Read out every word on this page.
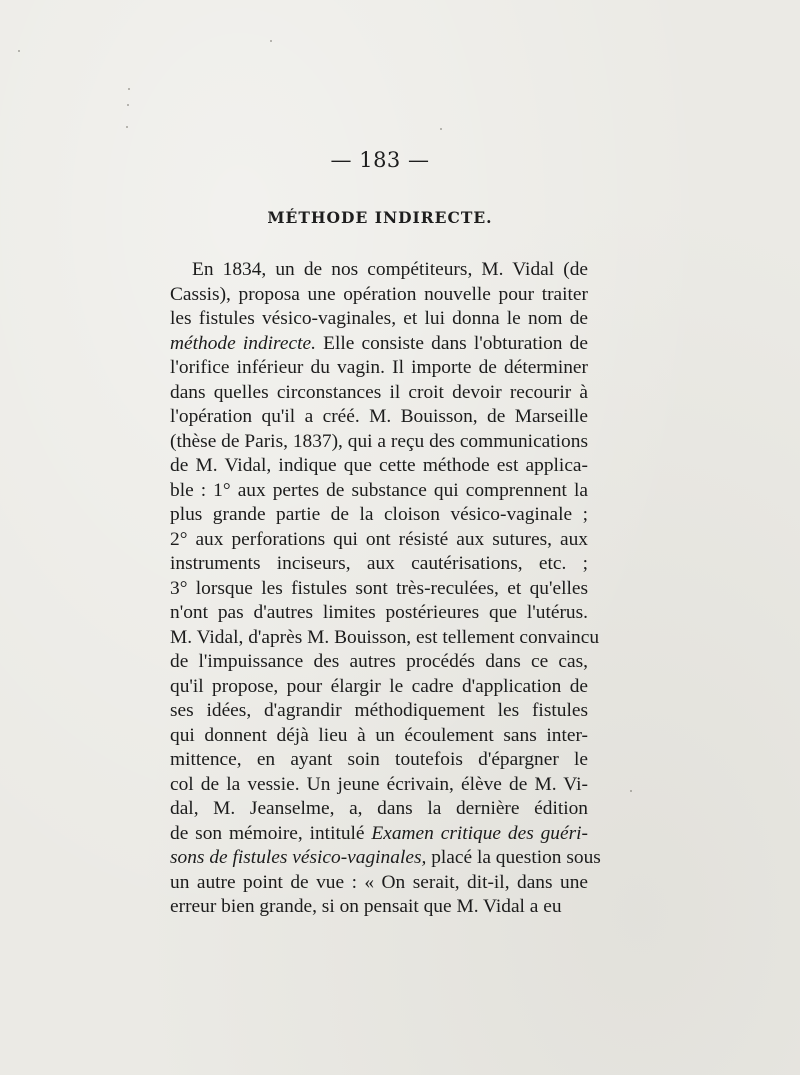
— 183 —
MÉTHODE INDIRECTE.
En 1834, un de nos compétiteurs, M. Vidal (de
Cassis), proposa une opération nouvelle pour traiter
les fistules vésico-vaginales, et lui donna le nom de
méthode indirecte. Elle consiste dans l'obturation de
l'orifice inférieur du vagin. Il importe de déterminer
dans quelles circonstances il croit devoir recourir à
l'opération qu'il a créé. M. Bouisson, de Marseille
(thèse de Paris, 1837), qui a reçu des communications
de M. Vidal, indique que cette méthode est applica-
ble : 1° aux pertes de substance qui comprennent la
plus grande partie de la cloison vésico-vaginale ;
2° aux perforations qui ont résisté aux sutures, aux
instruments inciseurs, aux cautérisations, etc. ;
3° lorsque les fistules sont très-reculées, et qu'elles
n'ont pas d'autres limites postérieures que l'utérus.
M. Vidal, d'après M. Bouisson, est tellement convaincu
de l'impuissance des autres procédés dans ce cas,
qu'il propose, pour élargir le cadre d'application de
ses idées, d'agrandir méthodiquement les fistules
qui donnent déjà lieu à un écoulement sans inter-
mittence, en ayant soin toutefois d'épargner le
col de la vessie. Un jeune écrivain, élève de M. Vi-
dal, M. Jeanselme, a, dans la dernière édition
de son mémoire, intitulé Examen critique des guéri-
sons de fistules vésico-vaginales, placé la question sous
un autre point de vue : « On serait, dit-il, dans une
erreur bien grande, si on pensait que M. Vidal a eu
